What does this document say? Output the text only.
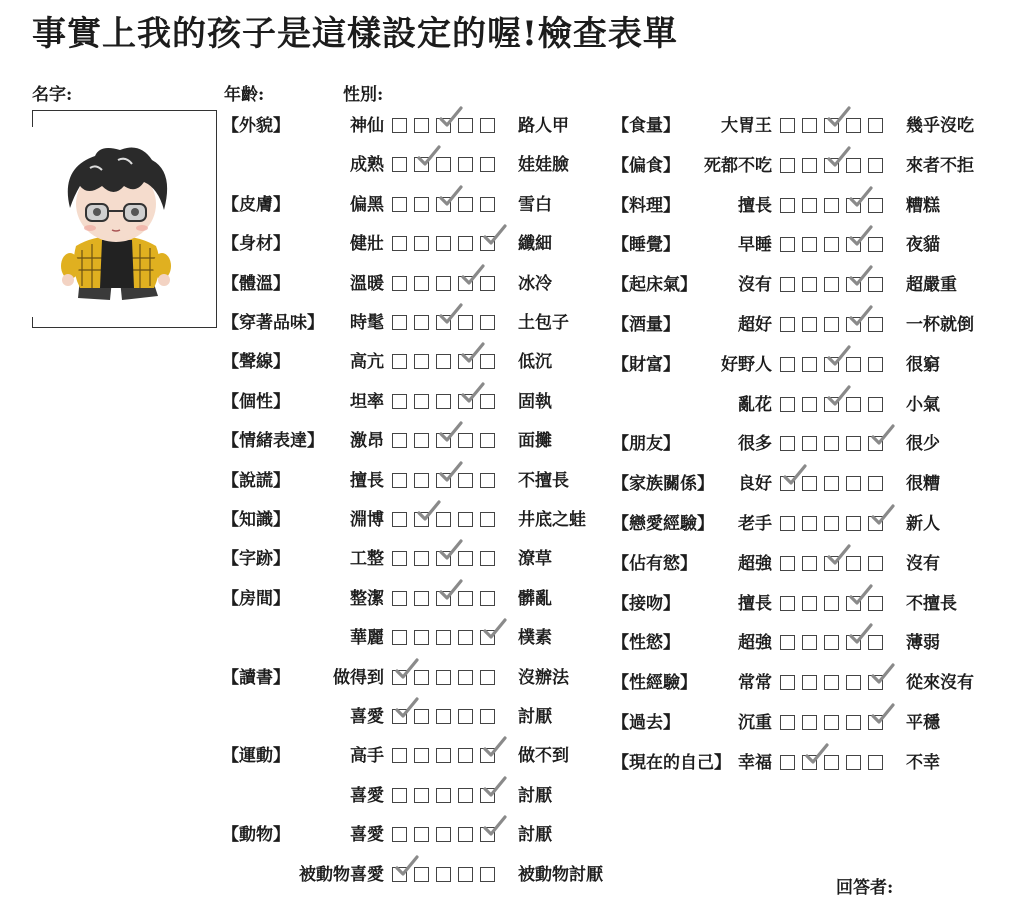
事實上我的孩子是這樣設定的喔!檢查表單
名字:	年齡:	性別:
【外貌】	神仙	路人甲
成熟	娃娃臉
【皮膚】	偏黑	雪白
【身材】	健壯	纖細
【體溫】	溫暖	冰冷
【穿著品味】	時髦	土包子
【聲線】	高亢	低沉
【個性】	坦率	固執
【情緒表達】	激昂	面攤
【說謊】	擅長	不擅長
【知識】	淵博	井底之蛙
【字跡】	工整	潦草
【房間】	整潔	髒亂
華麗	樸素
【讀書】	做得到	沒辦法
喜愛	討厭
【運動】	高手	做不到
喜愛	討厭
【動物】	喜愛	討厭
被動物喜愛	被動物討厭
【食量】	大胃王	幾乎沒吃
【偏食】	死都不吃	來者不拒
【料理】	擅長	糟糕
【睡覺】	早睡	夜貓
【起床氣】	沒有	超嚴重
【酒量】	超好	一杯就倒
【財富】	好野人	很窮
亂花	小氣
【朋友】	很多	很少
【家族關係】	良好	很糟
【戀愛經驗】	老手	新人
【佔有慾】	超強	沒有
【接吻】	擅長	不擅長
【性慾】	超強	薄弱
【性經驗】	常常	從來沒有
【過去】	沉重	平穩
【現在的自己】 幸福	不幸
回答者:
